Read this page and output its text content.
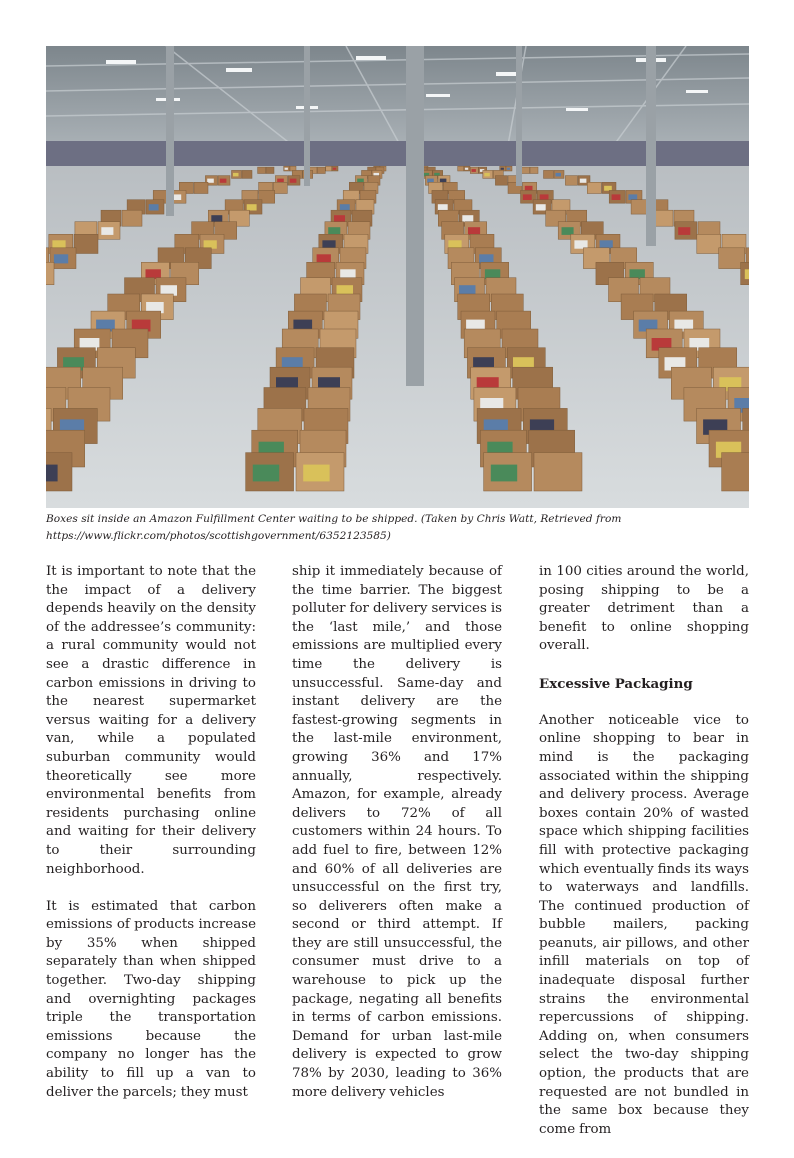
Boxes sit inside an Amazon Fulfillment Center waiting to be shipped. (Taken by Chris Watt, Retrieved from https://www.flickr.com/photos/scottishgovernment/6352123585)

It is important to note that the the impact of a delivery depends heavily on the density of the addressee’s community: a rural community would not see a drastic difference in carbon emissions in driving to the nearest supermarket versus waiting for a delivery van, while a populated suburban community would theoretically see more environmental benefits from residents purchasing online and waiting for their delivery to their surrounding neighborhood.

It is estimated that carbon emissions of products increase by 35% when shipped separately than when shipped together. Two-day shipping and overnighting packages triple the transportation emissions because the company no longer has the ability to fill up a van to deliver the parcels; they must

ship it immediately because of the time barrier. The biggest polluter for delivery services is the ‘last mile,’ and those emissions are multiplied every time the delivery is unsuccessful. Same-day and instant delivery are the fastest-growing segments in the last-mile environment, growing 36% and 17% annually, respectively. Amazon, for example, already delivers to 72% of all customers within 24 hours. To add fuel to fire, between 12% and 60% of all deliveries are unsuccessful on the first try, so deliverers often make a second or third attempt. If they are still unsuccessful, the consumer must drive to a warehouse to pick up the package, negating all benefits in terms of carbon emissions. Demand for urban last-mile delivery is expected to grow 78% by 2030, leading to 36% more delivery vehicles

in 100 cities around the world, posing shipping to be a greater detriment than a benefit to online shopping overall.

Excessive Packaging

Another noticeable vice to online shopping to bear in mind is the packaging associated within the shipping and delivery process. Average boxes contain 20% of wasted space which shipping facilities fill with protective packaging which eventually finds its ways to waterways and landfills. The continued production of bubble mailers, packing peanuts, air pillows, and other infill materials on top of inadequate disposal further strains the environmental repercussions of shipping. Adding on, when consumers select the two-day shipping option, the products that are requested are not bundled in the same box because they come from
